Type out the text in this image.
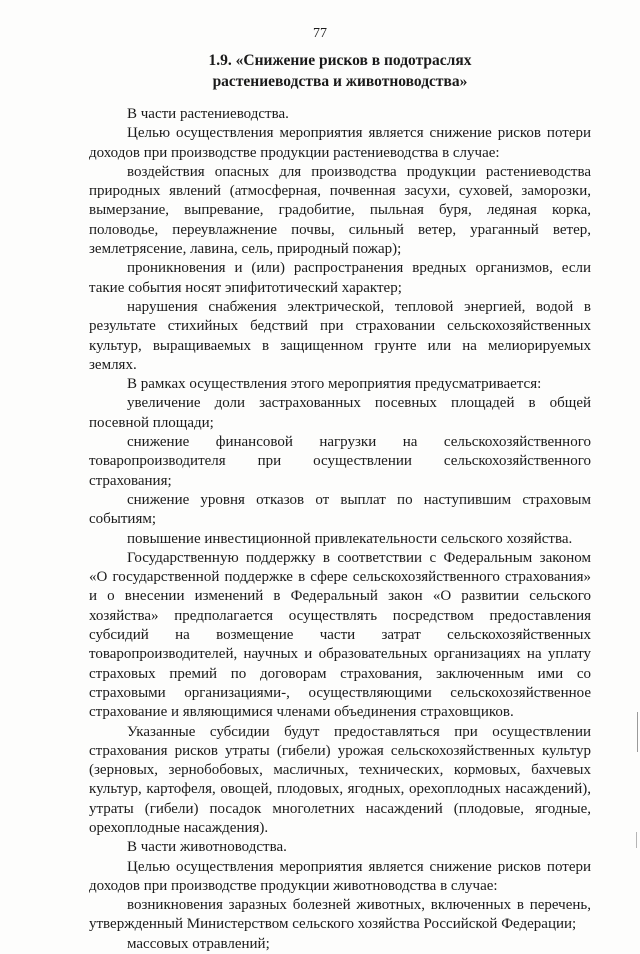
77
1.9. «Снижение рисков в подотраслях
растениеводства и животноводства»

В части растениеводства.

Целью осуществления мероприятия является снижение рисков потери доходов при производстве продукции растениеводства в случае:

воздействия опасных для производства продукции растениеводства природных явлений (атмосферная, почвенная засухи, суховей, заморозки, вымерзание, выпревание, градобитие, пыльная буря, ледяная корка, половодье, переувлажнение почвы, сильный ветер, ураганный ветер, землетрясение, лавина, сель, природный пожар);

проникновения и (или) распространения вредных организмов, если такие события носят эпифитотический характер;

нарушения снабжения электрической, тепловой энергией, водой в результате стихийных бедствий при страховании сельскохозяйственных культур, выращиваемых в защищенном грунте или на мелиорируемых землях.

В рамках осуществления этого мероприятия предусматривается:

увеличение доли застрахованных посевных площадей в общей посевной площади;

снижение финансовой нагрузки на сельскохозяйственного товаропроизводителя при осуществлении сельскохозяйственного страхования;

снижение уровня отказов от выплат по наступившим страховым событиям;

повышение инвестиционной привлекательности сельского хозяйства.

Государственную поддержку в соответствии с Федеральным законом «О государственной поддержке в сфере сельскохозяйственного страхования» и о внесении изменений в Федеральный закон «О развитии сельского хозяйства» предполагается осуществлять посредством предоставления субсидий на возмещение части затрат сельскохозяйственных товаропроизводителей, научных и образовательных организациях на уплату страховых премий по договорам страхования, заключенным ими со страховыми организациями-, осуществляющими сельскохозяйственное страхование и являющимися членами объединения страховщиков.

Указанные субсидии будут предоставляться при осуществлении страхования рисков утраты (гибели) урожая сельскохозяйственных культур (зерновых, зернобобовых, масличных, технических, кормовых, бахчевых культур, картофеля, овощей, плодовых, ягодных, орехоплодных насаждений), утраты (гибели) посадок многолетних насаждений (плодовые, ягодные, орехоплодные насаждения).

В части животноводства.

Целью осуществления мероприятия является снижение рисков потери доходов при производстве продукции животноводства в случае:

возникновения заразных болезней животных, включенных в перечень, утвержденный Министерством сельского хозяйства Российской Федерации;

массовых отравлений;
